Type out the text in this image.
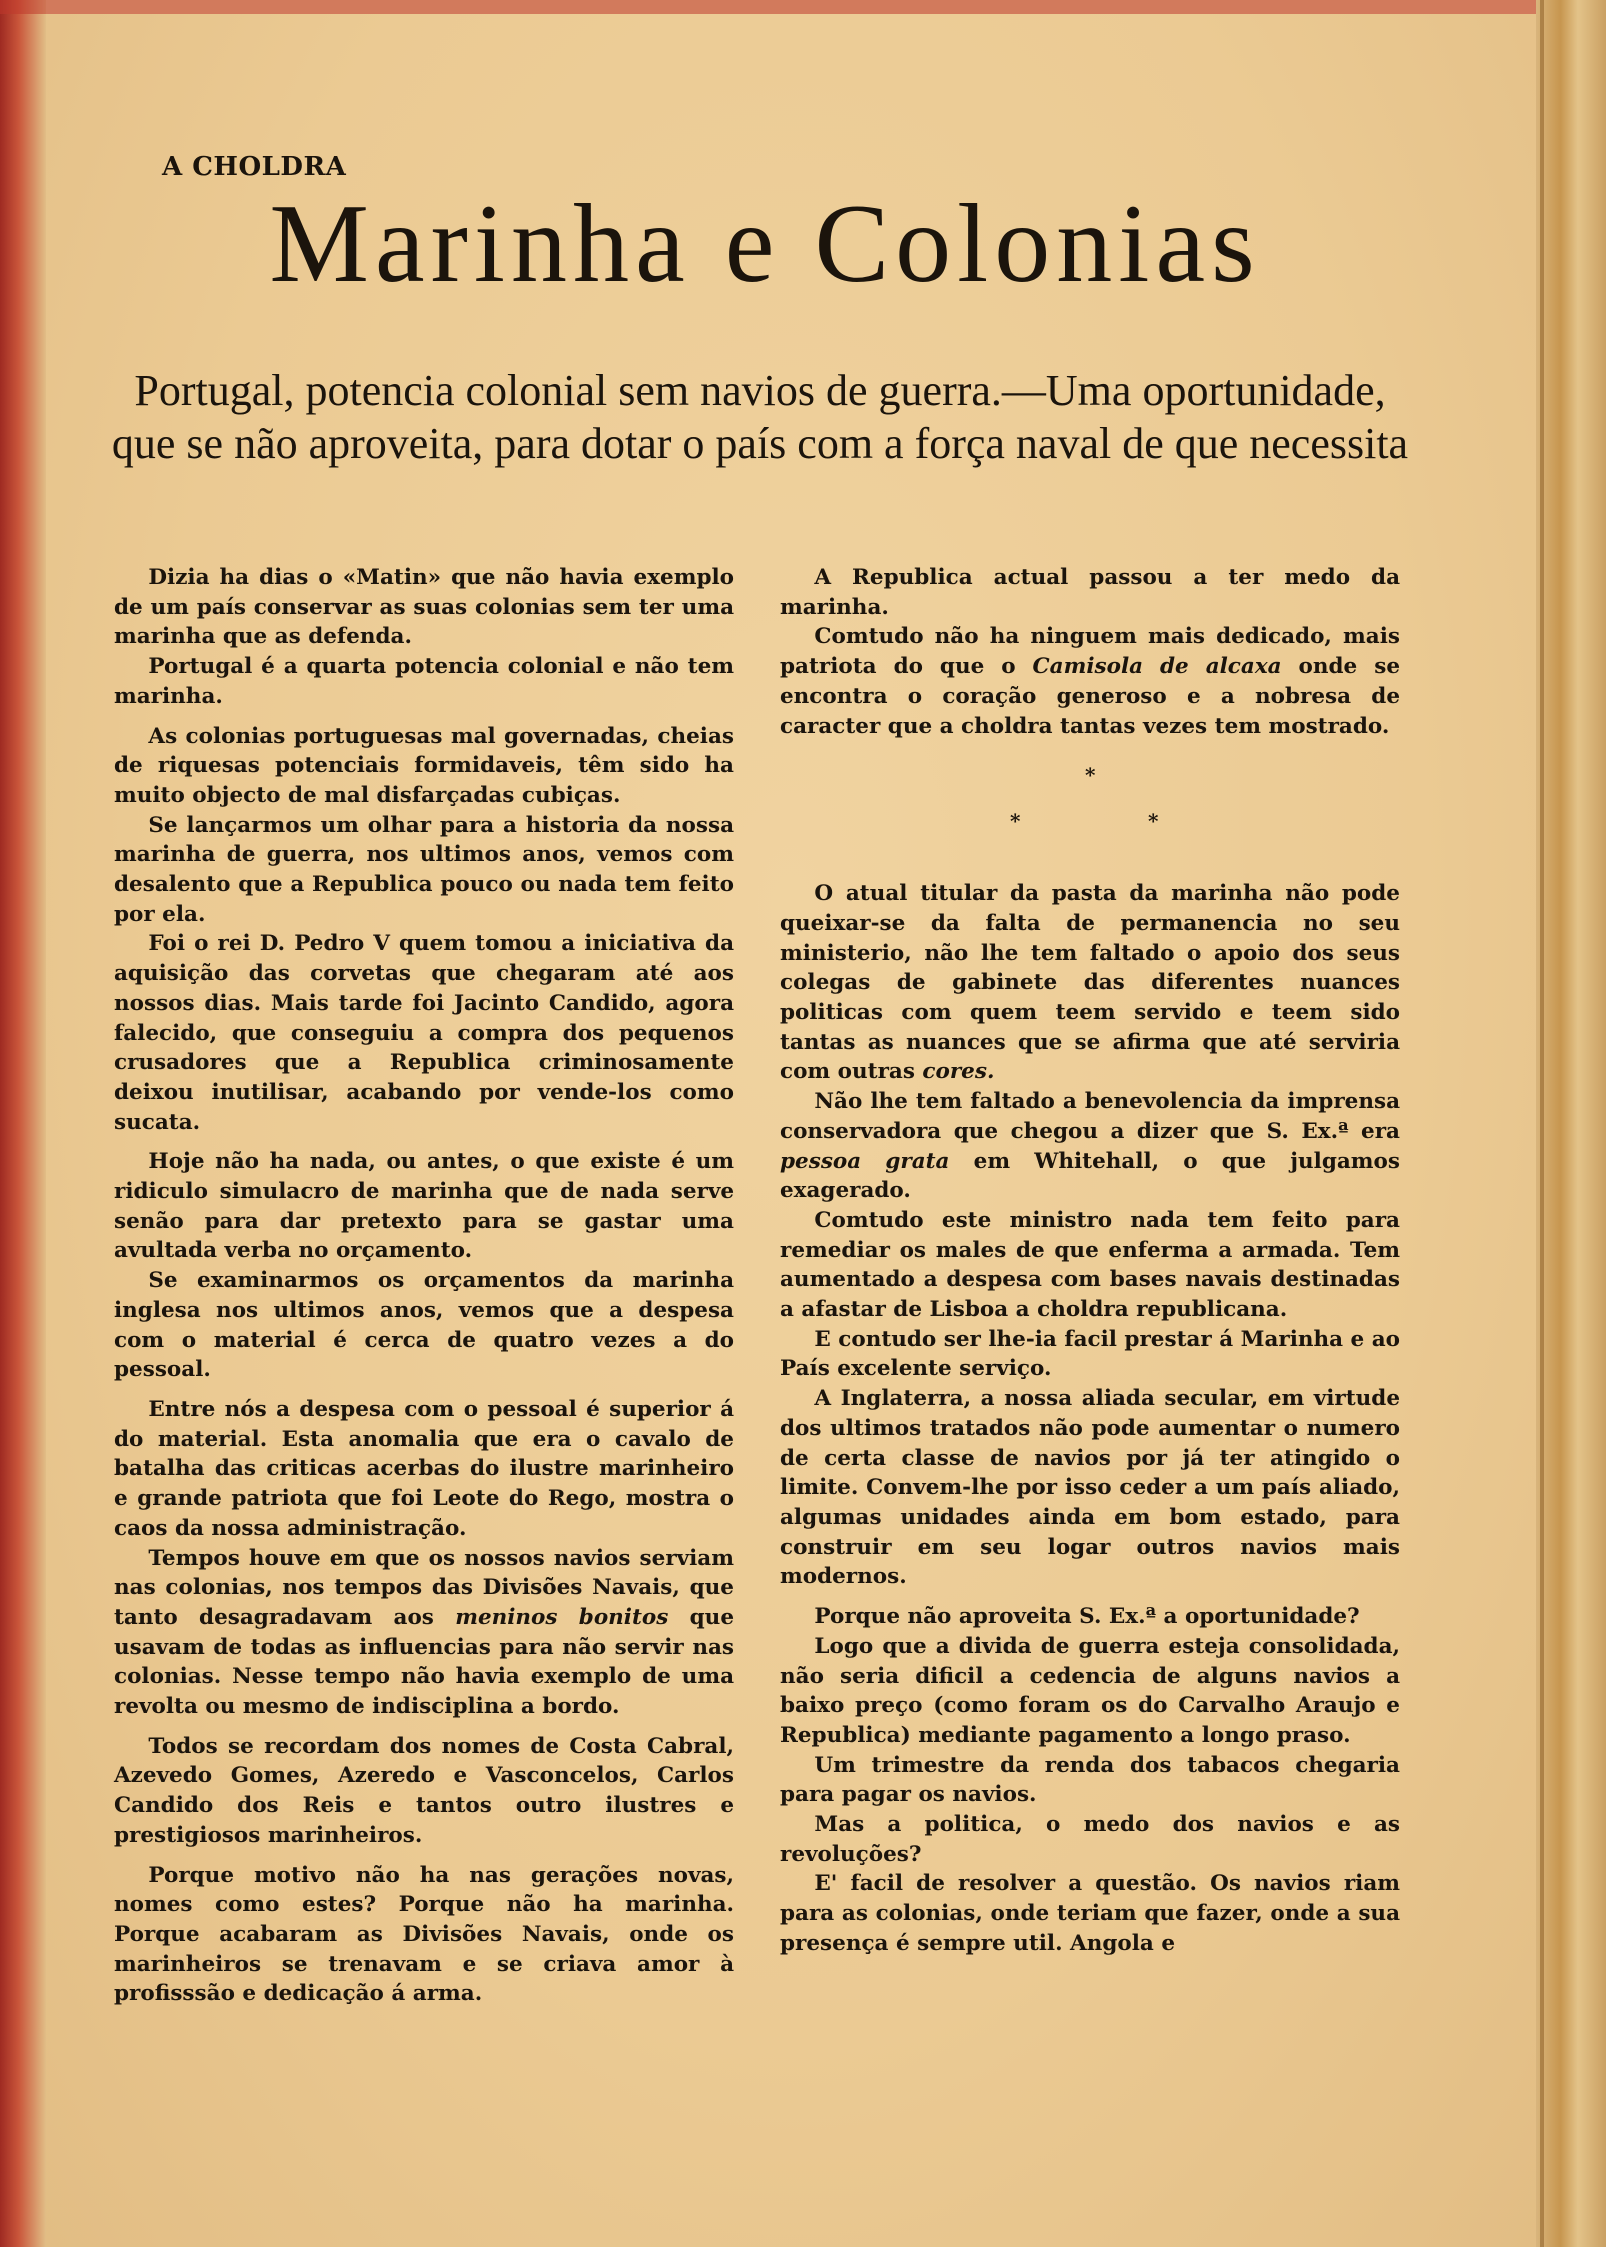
A CHOLDRA
Marinha e Colonias
Portugal, potencia colonial sem navios de guerra.—Uma oportunidade, que se não aproveita, para dotar o país com a força naval de que necessita

Dizia ha dias o «Matin» que não havia exemplo de um país conservar as suas colonias sem ter uma marinha que as defenda.

Portugal é a quarta potencia colonial e não tem marinha.

As colonias portuguesas mal governadas, cheias de riquesas potenciais formidaveis, têm sido ha muito objecto de mal disfarçadas cubiças.

Se lançarmos um olhar para a historia da nossa marinha de guerra, nos ultimos anos, vemos com desalento que a Republica pouco ou nada tem feito por ela.

Foi o rei D. Pedro V quem tomou a iniciativa da aquisição das corvetas que chegaram até aos nossos dias. Mais tarde foi Jacinto Candido, agora falecido, que conseguiu a compra dos pequenos crusadores que a Republica criminosamente deixou inutilisar, acabando por vende-los como sucata.

Hoje não ha nada, ou antes, o que existe é um ridiculo simulacro de marinha que de nada serve senão para dar pretexto para se gastar uma avultada verba no orçamento.

Se examinarmos os orçamentos da marinha inglesa nos ultimos anos, vemos que a despesa com o material é cerca de quatro vezes a do pessoal.

Entre nós a despesa com o pessoal é superior á do material. Esta anomalia que era o cavalo de batalha das criticas acerbas do ilustre marinheiro e grande patriota que foi Leote do Rego, mostra o caos da nossa administração.

Tempos houve em que os nossos navios serviam nas colonias, nos tempos das Divisões Navais, que tanto desagradavam aos meninos bonitos que usavam de todas as influencias para não servir nas colonias. Nesse tempo não havia exemplo de uma revolta ou mesmo de indisciplina a bordo.

Todos se recordam dos nomes de Costa Cabral, Azevedo Gomes, Azeredo e Vasconcelos, Carlos Candido dos Reis e tantos outro ilustres e prestigiosos marinheiros.

Porque motivo não ha nas gerações novas, nomes como estes? Porque não ha marinha. Porque acabaram as Divisões Navais, onde os marinheiros se trenavam e se criava amor à profisssão e dedicação á arma.

A Republica actual passou a ter medo da marinha.

Comtudo não ha ninguem mais dedicado, mais patriota do que o Camisola de alcaxa onde se encontra o coração generoso e a nobresa de caracter que a choldra tantas vezes tem mostrado.

*
*	*

O atual titular da pasta da marinha não pode queixar-se da falta de permanencia no seu ministerio, não lhe tem faltado o apoio dos seus colegas de gabinete das diferentes nuances politicas com quem teem servido e teem sido tantas as nuances que se afirma que até serviria com outras cores.

Não lhe tem faltado a benevolencia da imprensa conservadora que chegou a dizer que S. Ex.ª era pessoa grata em Whitehall, o que julgamos exagerado.

Comtudo este ministro nada tem feito para remediar os males de que enferma a armada. Tem aumentado a despesa com bases navais destinadas a afastar de Lisboa a choldra republicana.

E contudo ser lhe-ia facil prestar á Marinha e ao País excelente serviço.

A Inglaterra, a nossa aliada secular, em virtude dos ultimos tratados não pode aumentar o numero de certa classe de navios por já ter atingido o limite. Convem-lhe por isso ceder a um país aliado, algumas unidades ainda em bom estado, para construir em seu logar outros navios mais modernos.

Porque não aproveita S. Ex.ª a oportunidade?

Logo que a divida de guerra esteja consolidada, não seria dificil a cedencia de alguns navios a baixo preço (como foram os do Carvalho Araujo e Republica) mediante pagamento a longo praso.

Um trimestre da renda dos tabacos chegaria para pagar os navios.

Mas a politica, o medo dos navios e as revoluções?

E' facil de resolver a questão. Os navios riam para as colonias, onde teriam que fazer, onde a sua presença é sempre util. Angola e
